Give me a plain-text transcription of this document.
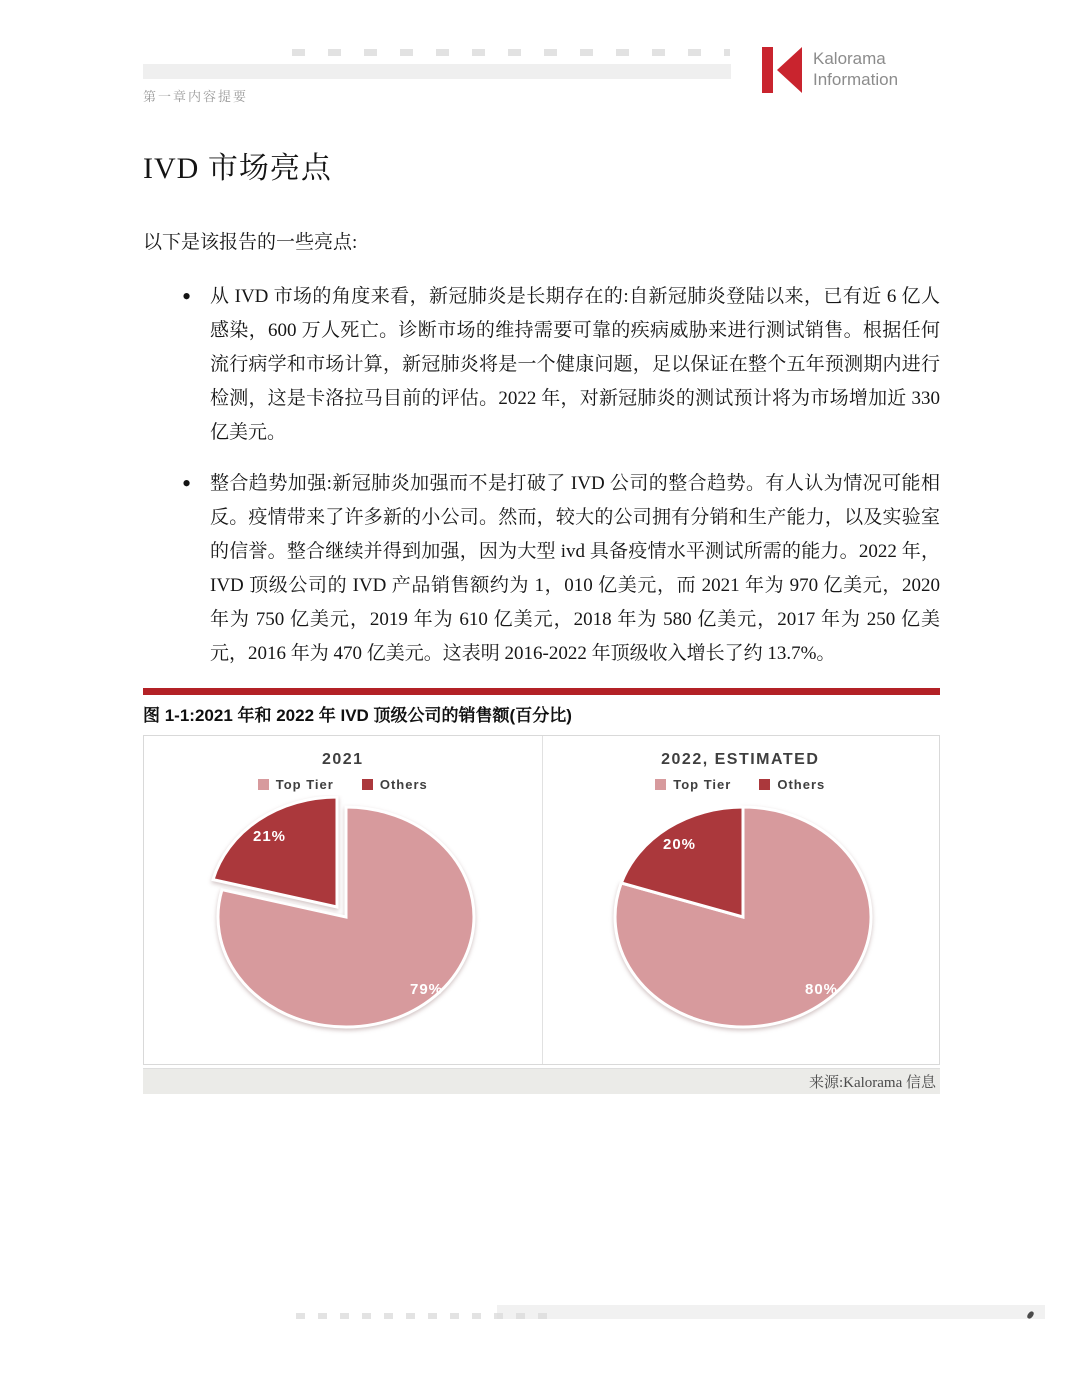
第一章内容提要
Kalorama
Information
IVD 市场亮点

以下是该报告的一些亮点:

• 从 IVD 市场的角度来看，新冠肺炎是长期存在的:自新冠肺炎登陆以来，已有近 6 亿人感染，600 万人死亡。诊断市场的维持需要可靠的疾病威胁来进行测试销售。根据任何流行病学和市场计算，新冠肺炎将是一个健康问题，足以保证在整个五年预测期内进行检测，这是卡洛拉马目前的评估。2022 年，对新冠肺炎的测试预计将为市场增加近 330 亿美元。
• 整合趋势加强:新冠肺炎加强而不是打破了 IVD 公司的整合趋势。有人认为情况可能相反。疫情带来了许多新的小公司。然而，较大的公司拥有分销和生产能力，以及实验室的信誉。整合继续并得到加强，因为大型 ivd 具备疫情水平测试所需的能力。2022 年，IVD 顶级公司的 IVD 产品销售额约为 1，010 亿美元，而 2021 年为 970 亿美元，2020 年为 750 亿美元，2019 年为 610 亿美元，2018 年为 580 亿美元，2017 年为 250 亿美元，2016 年为 470 亿美元。这表明 2016-2022 年顶级收入增长了约 13.7%。
图 1-1:2021 年和 2022 年 IVD 顶级公司的销售额(百分比)
2021
Top Tier	Others

79%
21%
2022, ESTIMATED
Top Tier	Others

80%
20%
来源:Kalorama 信息
